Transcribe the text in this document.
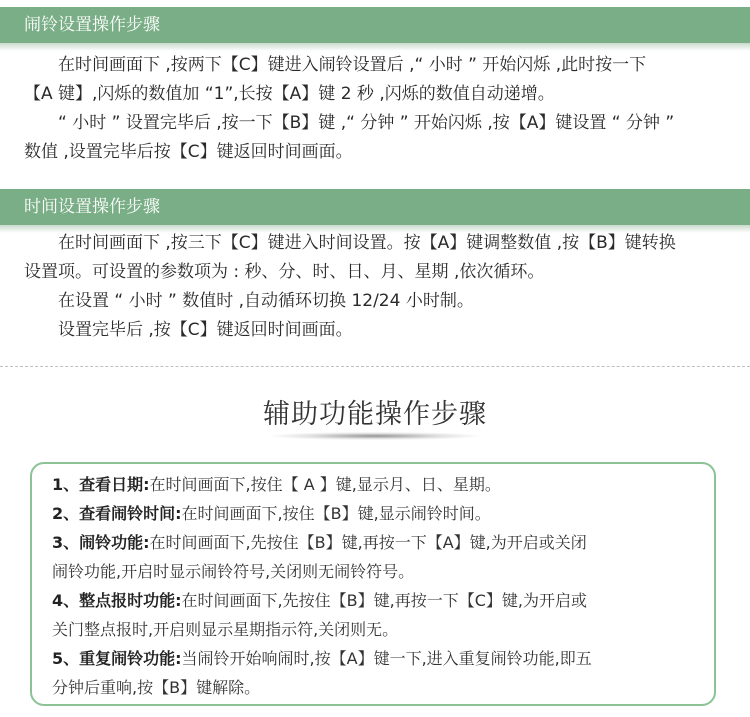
闹铃设置操作步骤

在时间画面下 ,按两下【C】键进入闹铃设置后 ,“ 小时 ” 开始闪烁 ,此时按一下

【A 键】,闪烁的数值加 “1”,长按【A】键 2 秒 ,闪烁的数值自动递增。

“ 小时 ” 设置完毕后 ,按一下【B】键 ,“ 分钟 ” 开始闪烁 ,按【A】键设置 “ 分钟 ”

数值 ,设置完毕后按【C】键返回时间画面。

时间设置操作步骤

在时间画面下 ,按三下【C】键进入时间设置。按【A】键调整数值 ,按【B】键转换

设置项。可设置的参数项为 : 秒、分、时、日、月、星期 ,依次循环。

在设置 “ 小时 ” 数值时 ,自动循环切换 12/24 小时制。

设置完毕后 ,按【C】键返回时间画面。

辅助功能操作步骤
1、查看日期:在时间画面下,按住【 A 】键,显示月、日、星期。
2、查看闹铃时间:在时间画面下,按住【B】键,显示闹铃时间。
3、闹铃功能:在时间画面下,先按住【B】键,再按一下【A】键,为开启或关闭
闹铃功能,开启时显示闹铃符号,关闭则无闹铃符号。
4、整点报时功能:在时间画面下,先按住【B】键,再按一下【C】键,为开启或
关门整点报时,开启则显示星期指示符,关闭则无。
5、重复闹铃功能:当闹铃开始响闹时,按【A】键一下,进入重复闹铃功能,即五
分钟后重响,按【B】键解除。
